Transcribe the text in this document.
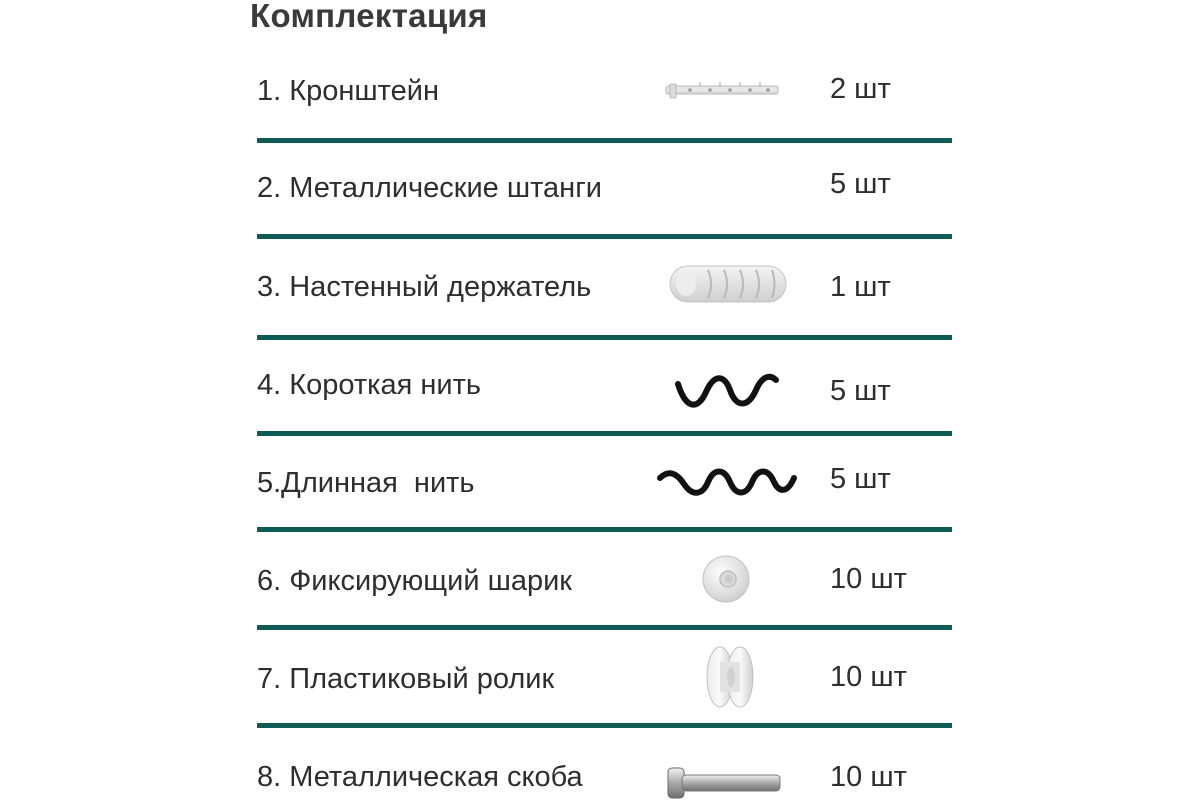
Комплектация
1. Кронштейн	2 шт
2. Металлические штанги	5 шт
3. Настенный держатель	1 шт
4. Короткая нить	5 шт
5.Длинная  нить	5 шт
6. Фиксирующий шарик	10 шт
7. Пластиковый ролик	10 шт
8. Металлическая скоба	10 шт
